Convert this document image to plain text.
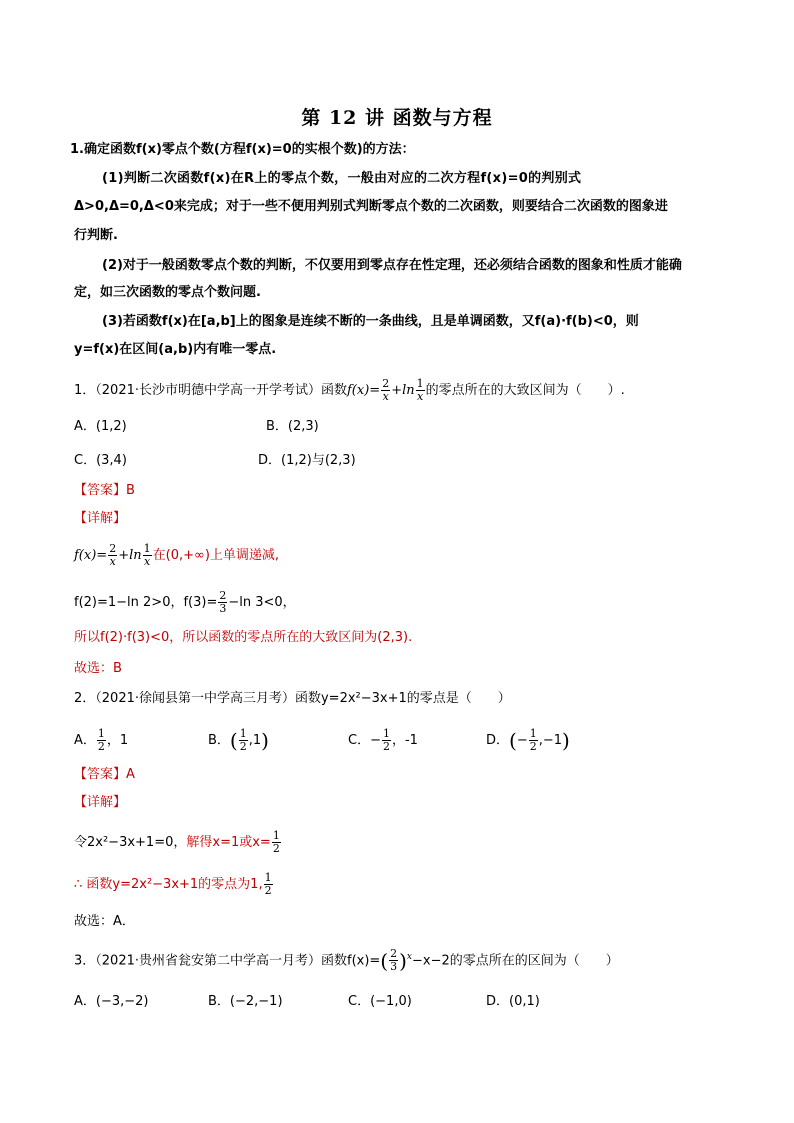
第 12 讲 函数与方程
1.确定函数f(x)零点个数(方程f(x)=0的实根个数)的方法：
(1)判断二次函数f(x)在R上的零点个数，一般由对应的二次方程f(x)=0的判别式
Δ>0,Δ=0,Δ<0来完成；对于一些不便用判别式判断零点个数的二次函数，则要结合二次函数的图象进
行判断.
(2)对于一般函数零点个数的判断，不仅要用到零点存在性定理，还必须结合函数的图象和性质才能确
定，如三次函数的零点个数问题.
(3)若函数f(x)在[a,b]上的图象是连续不断的一条曲线，且是单调函数，又f(a)·f(b)<0，则
y=f(x)在区间(a,b)内有唯一零点.
1．（2021·长沙市明德中学高一开学考试）函数$f(x)= \frac{2}{x} +\ln \frac{1}{x}$ 的零点所在的大致区间为（　　）.
A．(1,2)	B．(2,3)
C．(3,4)	D．(1,2)与(2,3)
【答案】B
【详解】
$f(x)= \frac{2}{x} +\ln \frac{1}{x}$ 在(0,+∞)上单调递减,
f(2)=1−ln 2>0，$f(3)= \frac{2}{3} -\ln$ 3<0，
所以f(2)·f(3)<0，所以函数的零点所在的大致区间为(2,3).
故选：B
2．（2021·徐闻县第一中学高三月考）函数y=2x²−3x+1的零点是（　　）
A． $\frac{1}{2}$ ，1	B．( $\frac{1}{2} ,1$)	C．− $\frac{1}{2}$ ，-1	D．(− $\frac{1}{2} ,-1$)
【答案】A
【详解】
令2x²−3x+1=0，解得x=1或$x= \frac{1}{2}$
∴ 函数y=2x²−3x+1的零点为1, $\frac{1}{2}$
故选：A．
3．（2021·贵州省瓮安第二中学高一月考）函数$f(x)=( \frac{2}{3} )^x-x-2$的零点所在的区间为（　　）
A．(−3,−2)	B．(−2,−1)	C．(−1,0)	D．(0,1)
